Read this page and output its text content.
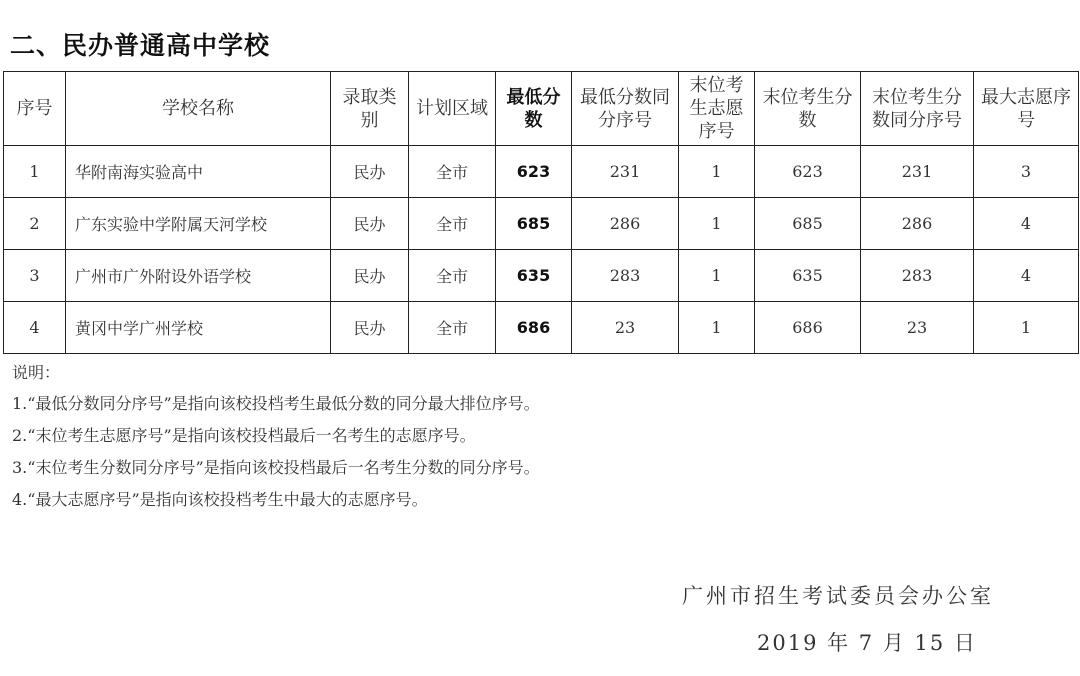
二、民办普通高中学校
序号	学校名称	录取类别	计划区域	最低分数	最低分数同分序号	末位考生志愿序号	末位考生分数	末位考生分数同分序号	最大志愿序号
1	华附南海实验高中	民办	全市	623	231	1	623	231	3
2	广东实验中学附属天河学校	民办	全市	685	286	1	685	286	4
3	广州市广外附设外语学校	民办	全市	635	283	1	635	283	4
4	黄冈中学广州学校	民办	全市	686	23	1	686	23	1

说明：

1.“最低分数同分序号”是指向该校投档考生最低分数的同分最大排位序号。

2.“末位考生志愿序号”是指向该校投档最后一名考生的志愿序号。

3.“末位考生分数同分序号”是指向该校投档最后一名考生分数的同分序号。

4.“最大志愿序号”是指向该校投档考生中最大的志愿序号。

广州市招生考试委员会办公室
2019 年 7 月 15 日
